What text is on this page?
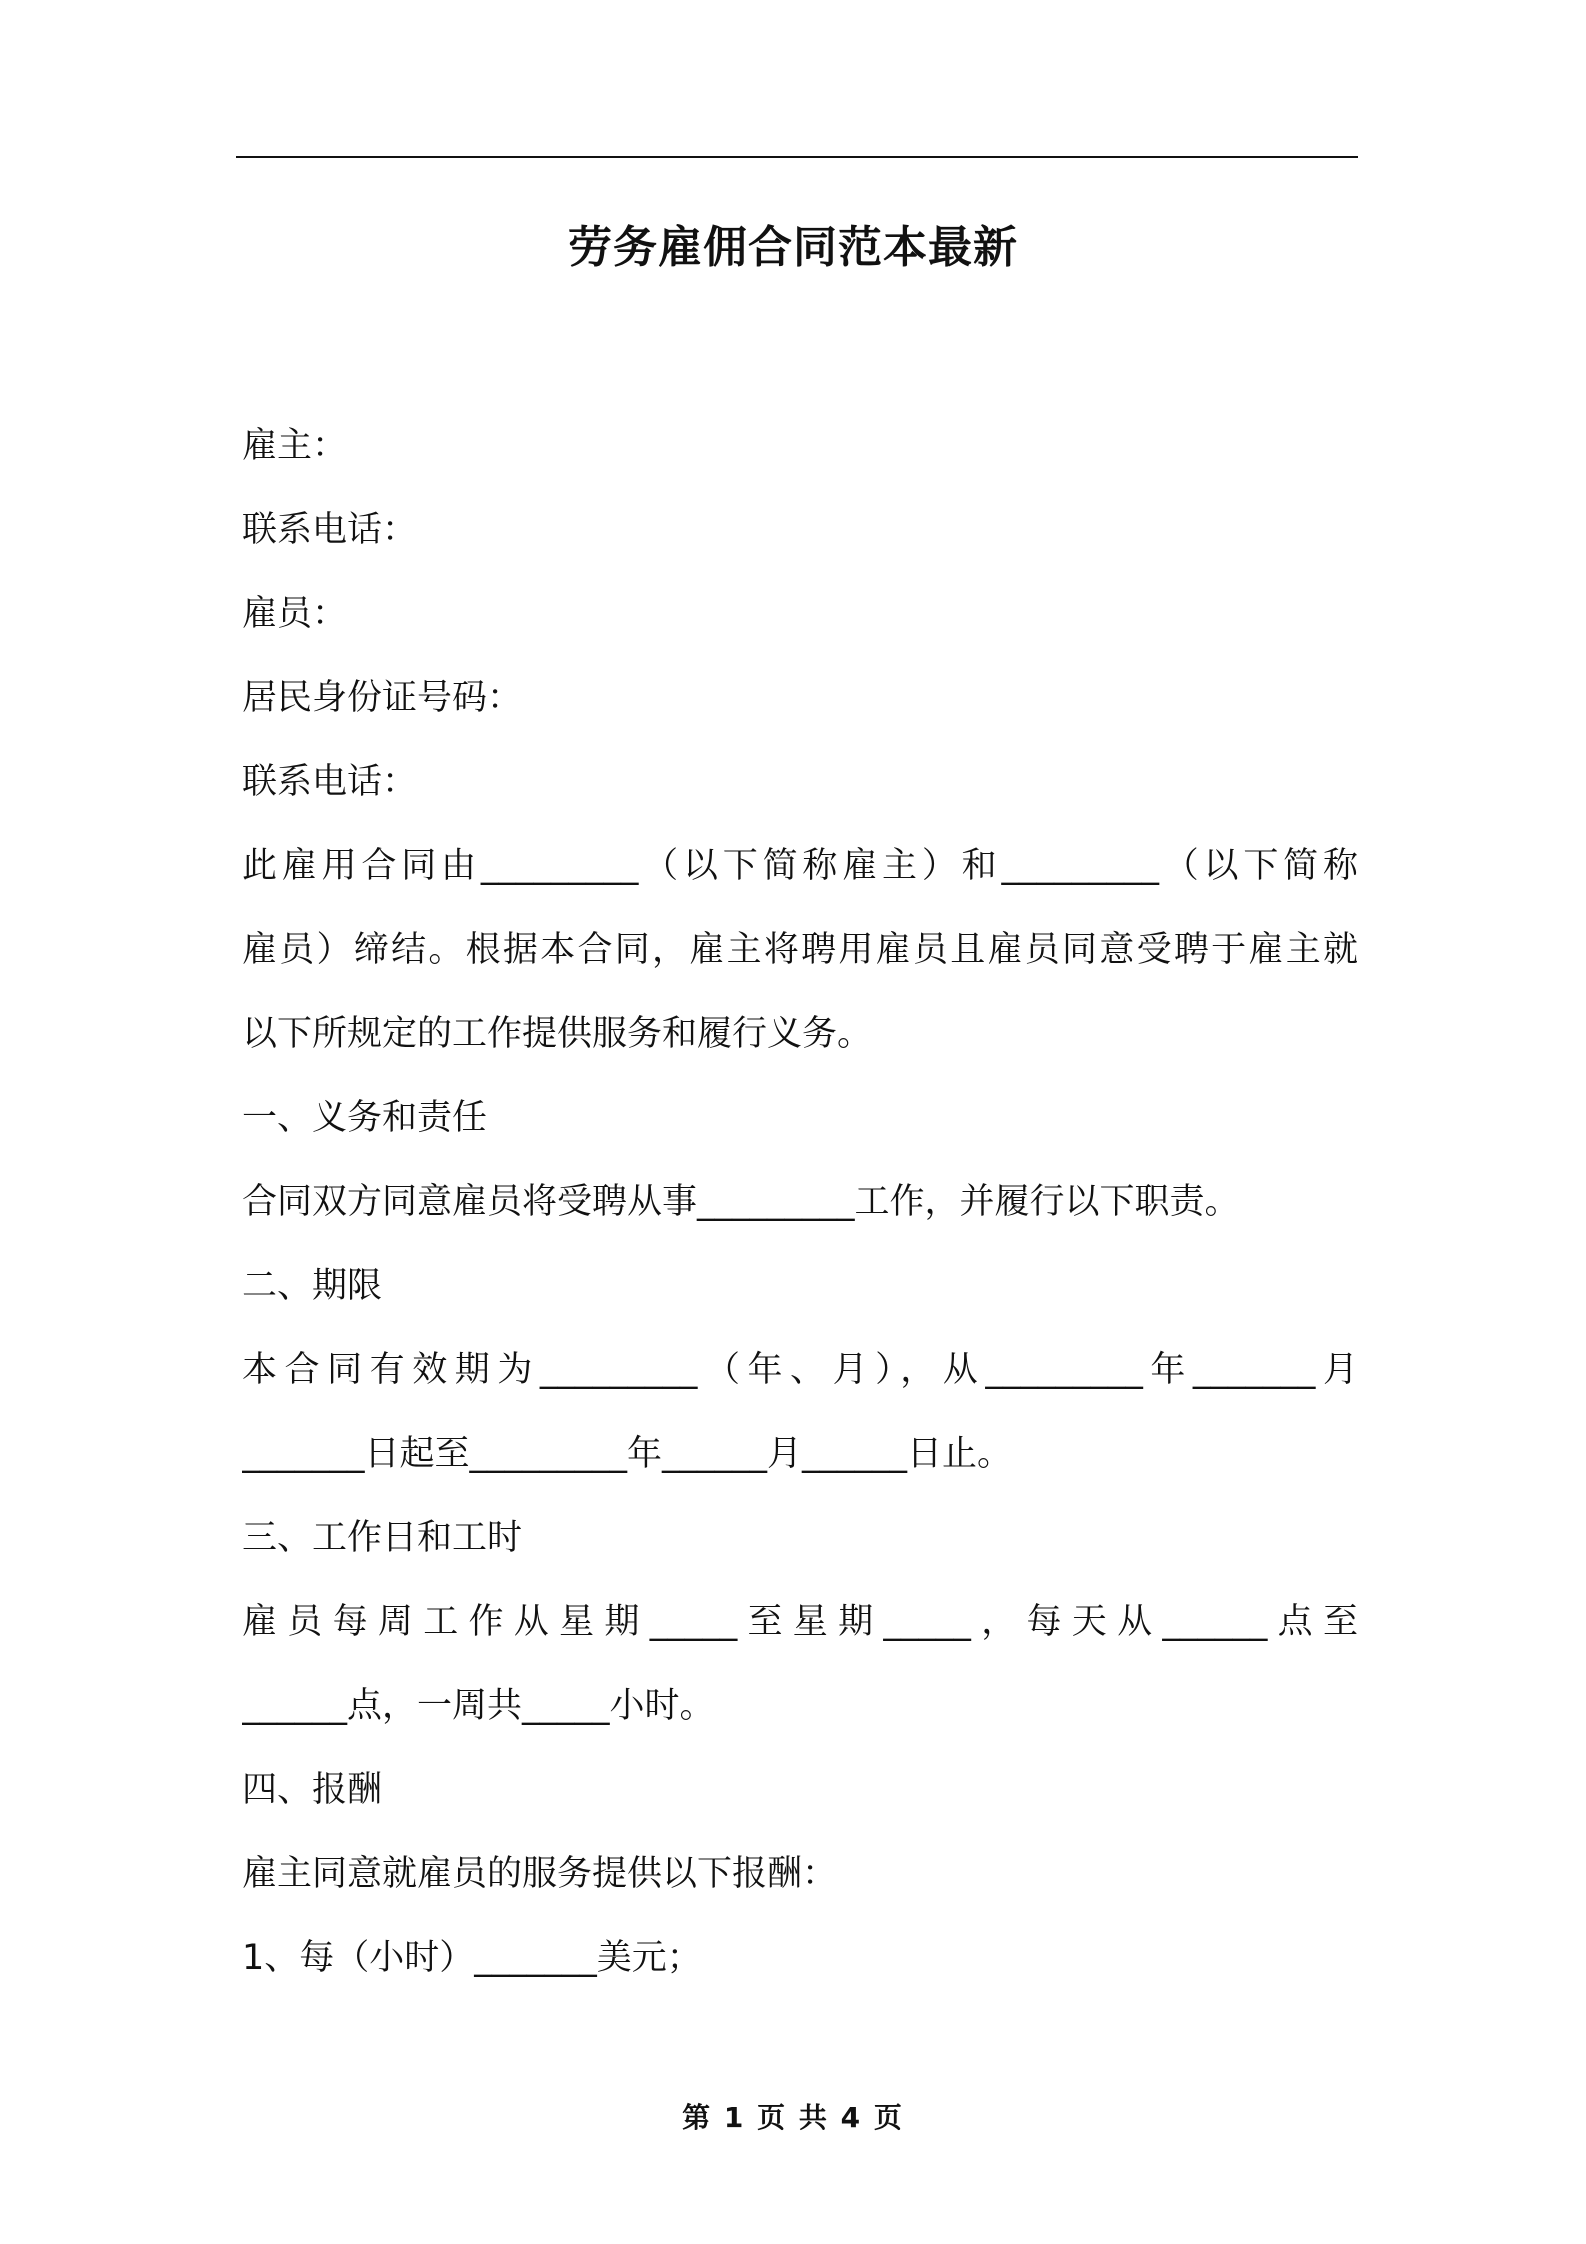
劳务雇佣合同范本最新
雇主：
联系电话：
雇员：
居民身份证号码：
联系电话：
此雇用合同由_________（以下简称雇主）和_________（以下简称
雇员）缔结。根据本合同，雇主将聘用雇员且雇员同意受聘于雇主就
以下所规定的工作提供服务和履行义务。
一、义务和责任
合同双方同意雇员将受聘从事_________工作，并履行以下职责。
二、期限
本合同有效期为_________（年、月），从_________年_______月
_______日起至_________年______月______日止。
三、工作日和工时
雇员每周工作从星期_____至星期_____，每天从______点至
______点，一周共_____小时。
四、报酬
雇主同意就雇员的服务提供以下报酬：
1、每（小时）_______美元；
第 1 页 共 4 页
